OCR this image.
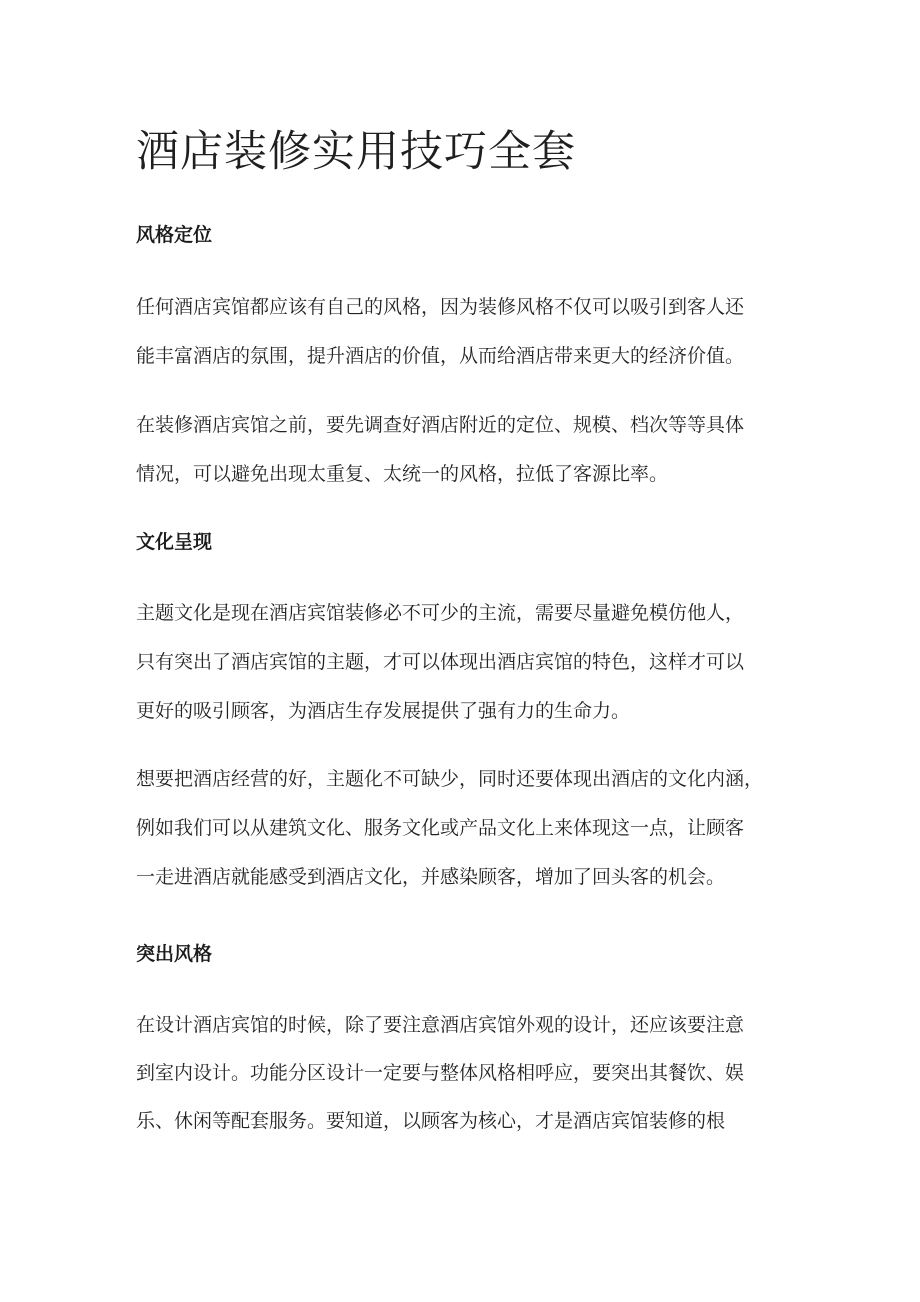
酒店装修实用技巧全套
风格定位
任何酒店宾馆都应该有自己的风格，因为装修风格不仅可以吸引到客人还
能丰富酒店的氛围，提升酒店的价值，从而给酒店带来更大的经济价值。
在装修酒店宾馆之前，要先调查好酒店附近的定位、规模、档次等等具体
情况，可以避免出现太重复、太统一的风格，拉低了客源比率。
文化呈现
主题文化是现在酒店宾馆装修必不可少的主流，需要尽量避免模仿他人，
只有突出了酒店宾馆的主题，才可以体现出酒店宾馆的特色，这样才可以
更好的吸引顾客，为酒店生存发展提供了强有力的生命力。
想要把酒店经营的好，主题化不可缺少，同时还要体现出酒店的文化内涵，
例如我们可以从建筑文化、服务文化或产品文化上来体现这一点，让顾客
一走进酒店就能感受到酒店文化，并感染顾客，增加了回头客的机会。
突出风格
在设计酒店宾馆的时候，除了要注意酒店宾馆外观的设计，还应该要注意
到室内设计。功能分区设计一定要与整体风格相呼应，要突出其餐饮、娱
乐、休闲等配套服务。要知道，以顾客为核心，才是酒店宾馆装修的根
